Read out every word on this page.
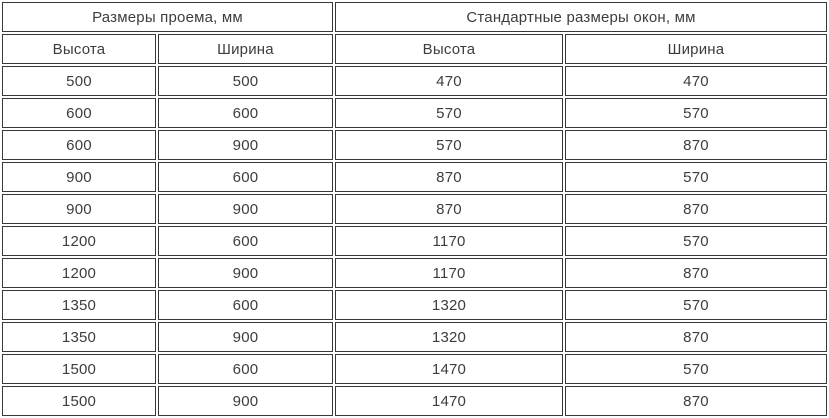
Размеры проема, мм		Стандартные размеры окон, мм	
Высота	Ширина	Высота	Ширина
500	500	470	470
600	600	570	570
600	900	570	870
900	600	870	570
900	900	870	870
1200	600	1170	570
1200	900	1170	870
1350	600	1320	570
1350	900	1320	870
1500	600	1470	570
1500	900	1470	870
